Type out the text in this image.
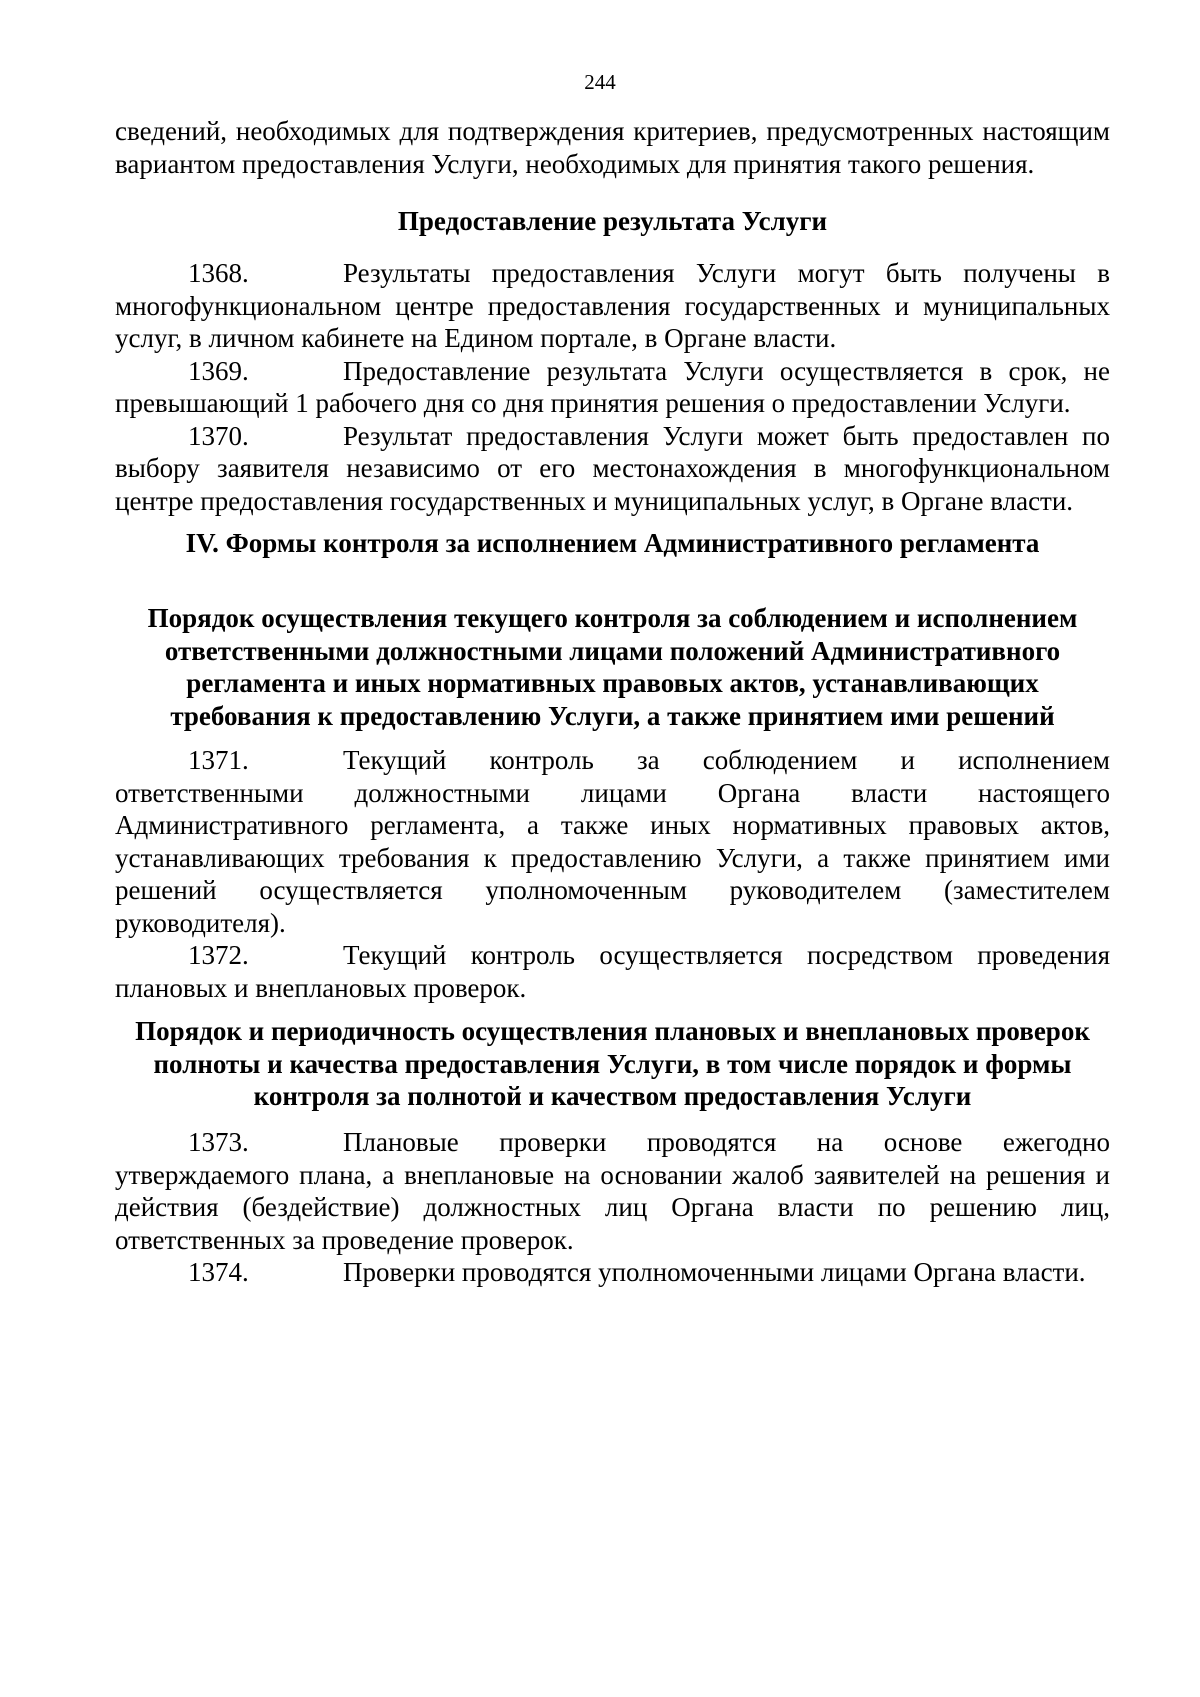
244
сведений, необходимых для подтверждения критериев, предусмотренных настоящим вариантом предоставления Услуги, необходимых для принятия такого решения.
Предоставление результата Услуги
1368.	Результаты предоставления Услуги могут быть получены в многофункциональном центре предоставления государственных и муниципальных услуг, в личном кабинете на Едином портале, в Органе власти.
1369.	Предоставление результата Услуги осуществляется в срок, не превышающий 1 рабочего дня со дня принятия решения о предоставлении Услуги.
1370.	Результат предоставления Услуги может быть предоставлен по выбору заявителя независимо от его местонахождения в многофункциональном центре предоставления государственных и муниципальных услуг, в Органе власти.
IV. Формы контроля за исполнением Административного регламента
Порядок осуществления текущего контроля за соблюдением и исполнением ответственными должностными лицами положений Административного регламента и иных нормативных правовых актов, устанавливающих требования к предоставлению Услуги, а также принятием ими решений
1371.	Текущий контроль за соблюдением и исполнением ответственными должностными лицами Органа власти настоящего Административного регламента, а также иных нормативных правовых актов, устанавливающих требования к предоставлению Услуги, а также принятием ими решений осуществляется уполномоченным руководителем (заместителем руководителя).
1372.	Текущий контроль осуществляется посредством проведения плановых и внеплановых проверок.
Порядок и периодичность осуществления плановых и внеплановых проверок полноты и качества предоставления Услуги, в том числе порядок и формы контроля за полнотой и качеством предоставления Услуги
1373.	Плановые проверки проводятся на основе ежегодно утверждаемого плана, а внеплановые на основании жалоб заявителей на решения и действия (бездействие) должностных лиц Органа власти по решению лиц, ответственных за проведение проверок.
1374.	Проверки проводятся уполномоченными лицами Органа власти.
